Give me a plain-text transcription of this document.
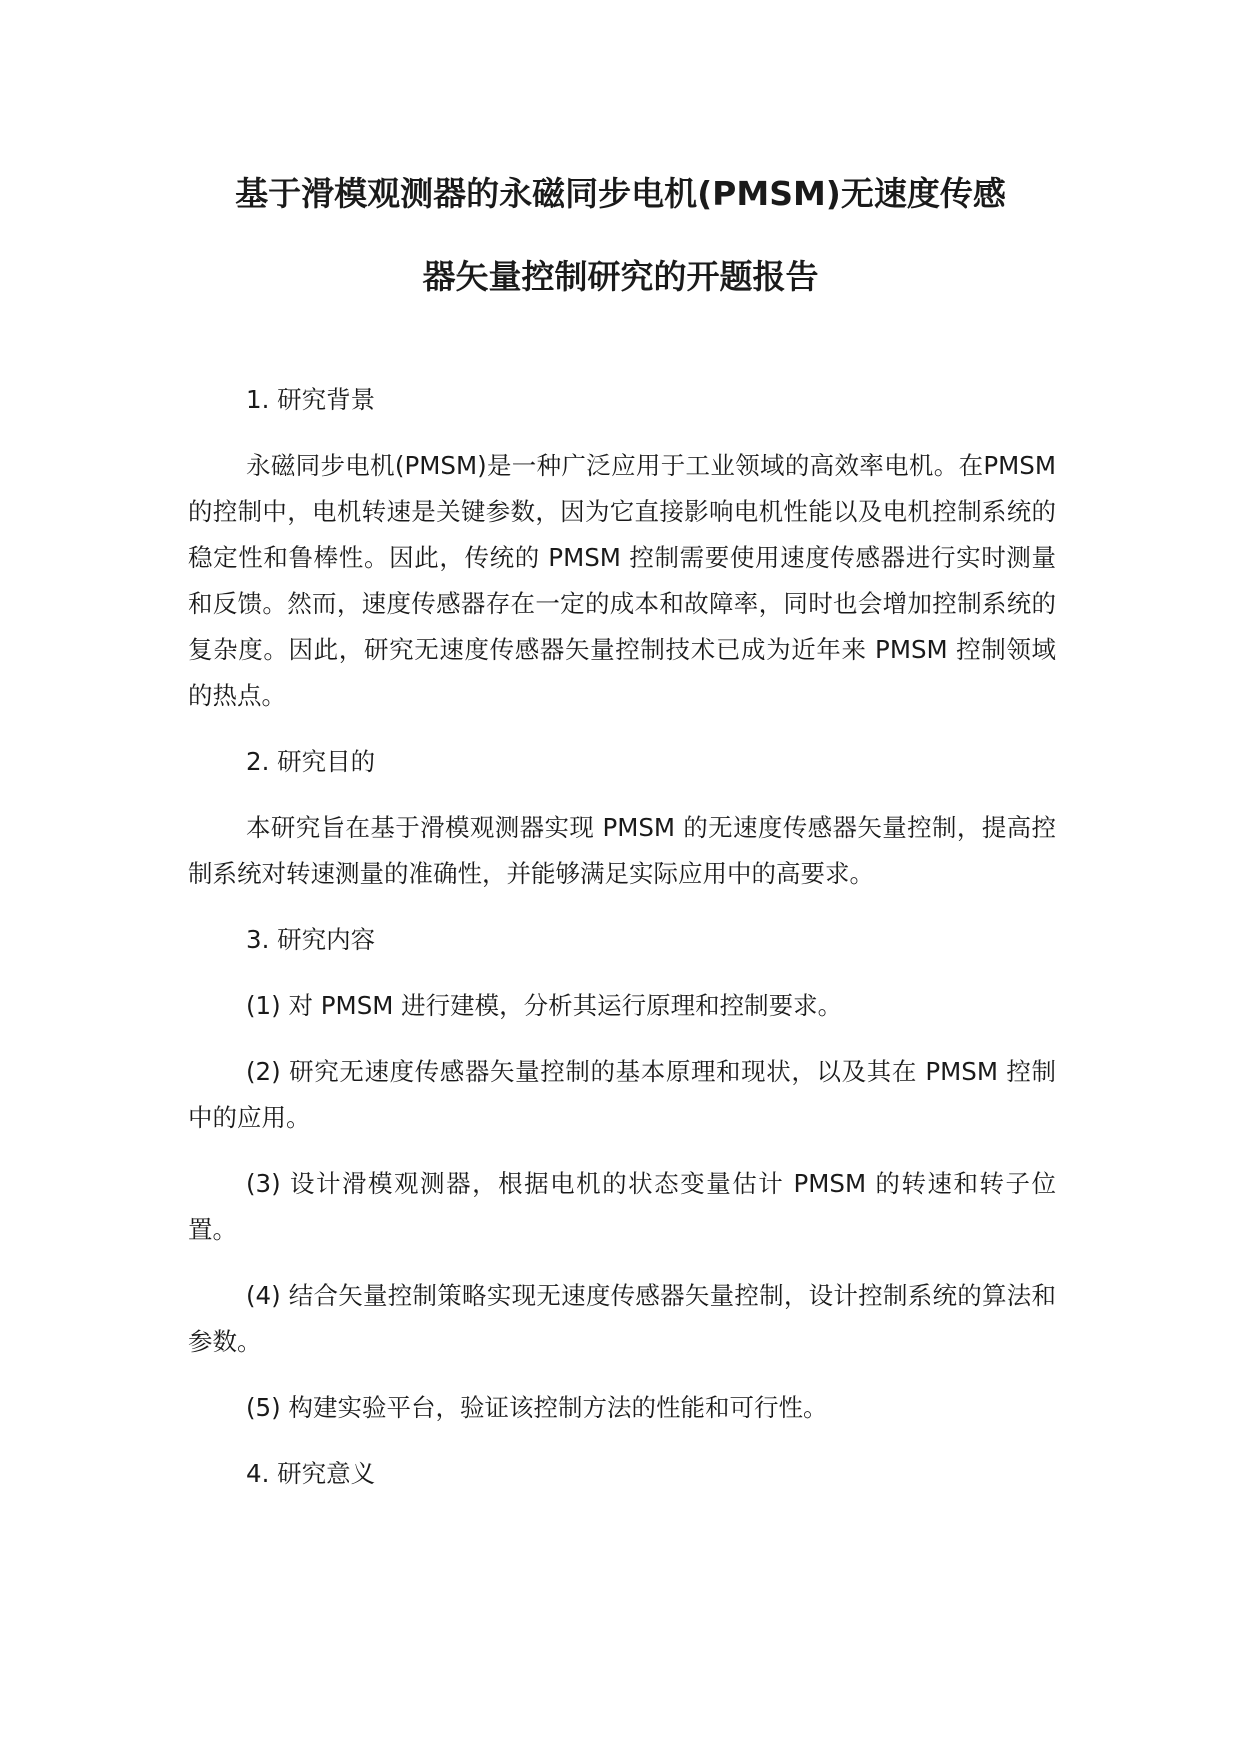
基于滑模观测器的永磁同步电机(PMSM)无速度传感

器矢量控制研究的开题报告

1. 研究背景

永磁同步电机(PMSM)是一种广泛应用于工业领域的高效率电机。在PMSM 的控制中，电机转速是关键参数，因为它直接影响电机性能以及电机控制系统的稳定性和鲁棒性。因此，传统的 PMSM 控制需要使用速度传感器进行实时测量和反馈。然而，速度传感器存在一定的成本和故障率，同时也会增加控制系统的复杂度。因此，研究无速度传感器矢量控制技术已成为近年来 PMSM 控制领域的热点。

2. 研究目的

本研究旨在基于滑模观测器实现 PMSM 的无速度传感器矢量控制，提高控制系统对转速测量的准确性，并能够满足实际应用中的高要求。

3. 研究内容

(1) 对 PMSM 进行建模，分析其运行原理和控制要求。

(2) 研究无速度传感器矢量控制的基本原理和现状，以及其在 PMSM 控制中的应用。

(3) 设计滑模观测器，根据电机的状态变量估计 PMSM 的转速和转子位置。

(4) 结合矢量控制策略实现无速度传感器矢量控制，设计控制系统的算法和参数。

(5) 构建实验平台，验证该控制方法的性能和可行性。

4. 研究意义
